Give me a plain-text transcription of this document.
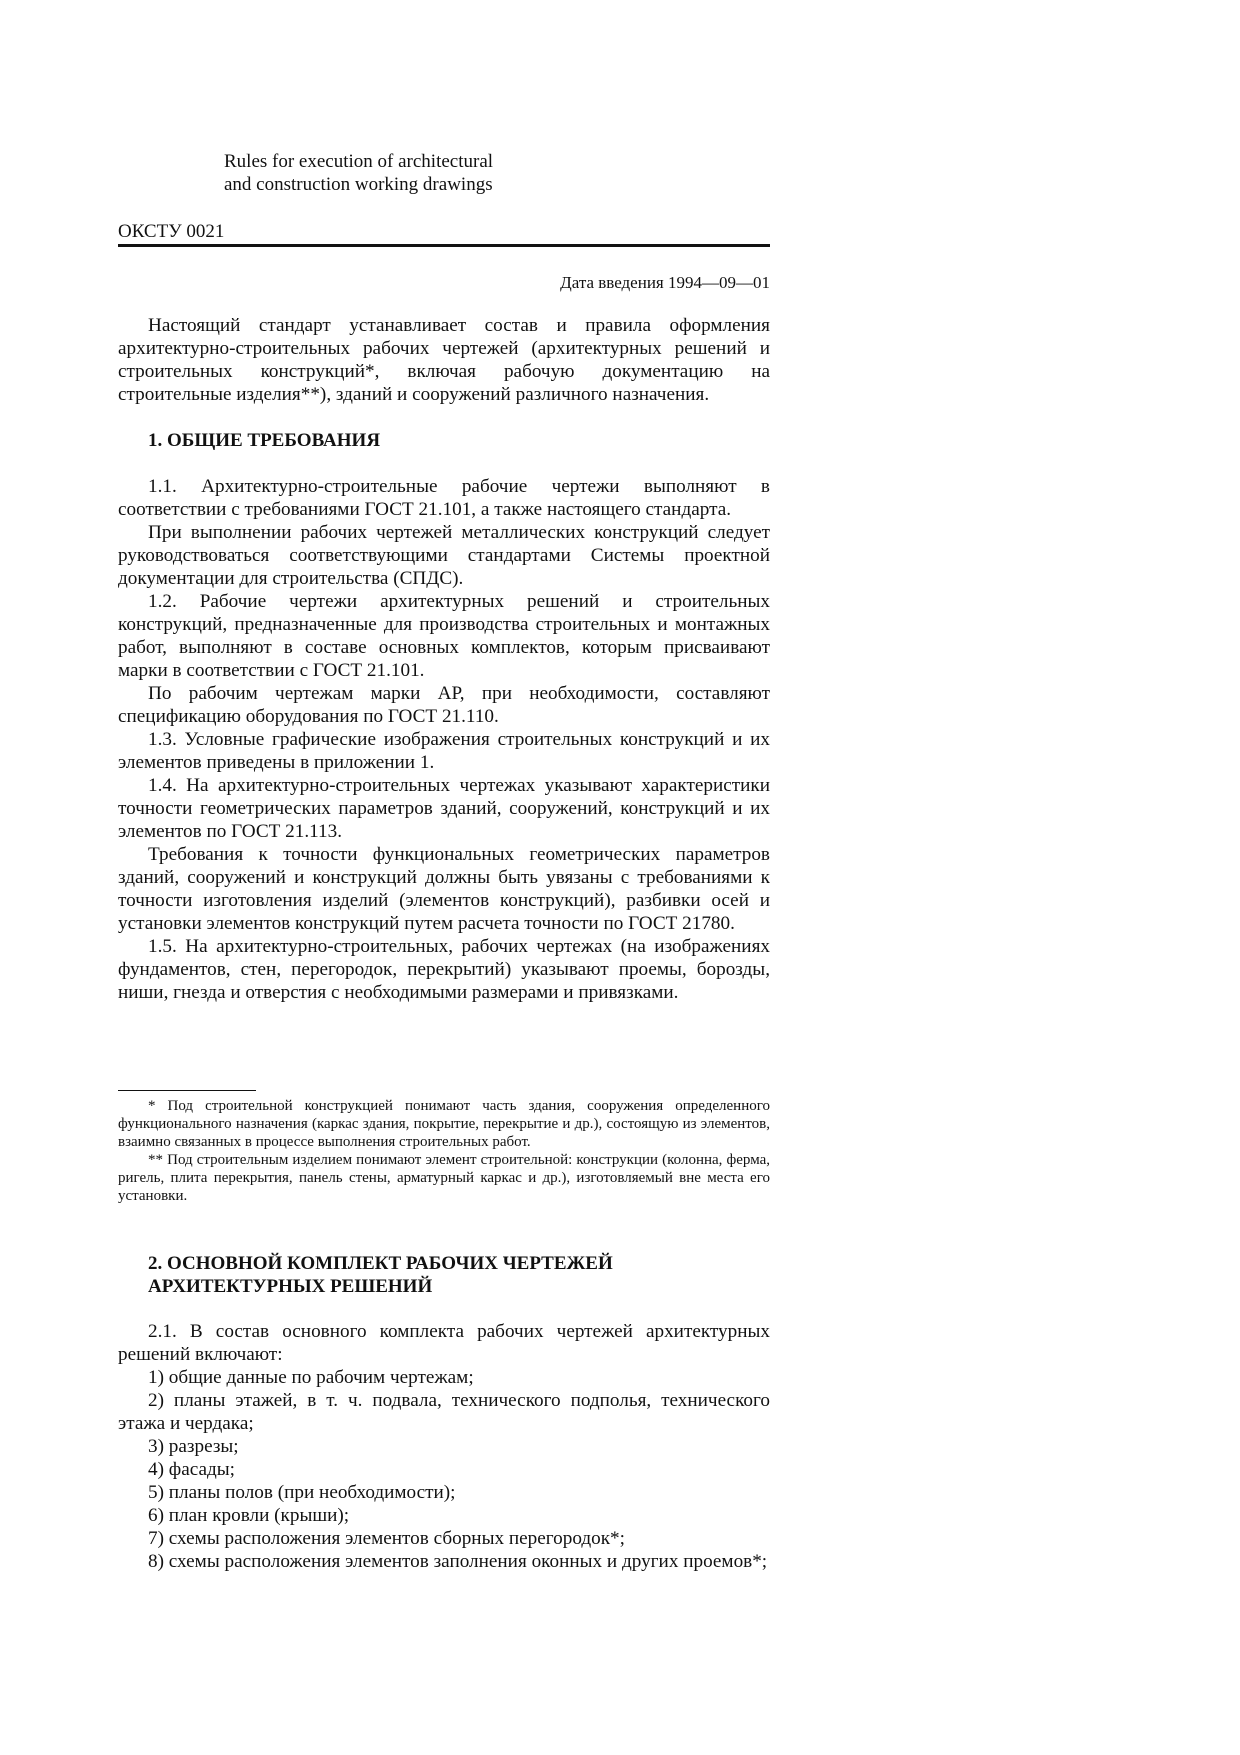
Rules for execution of architectural
and construction working drawings
ОКСТУ 0021
Дата введения 1994—09—01

Настоящий стандарт устанавливает состав и правила оформления архитектурно-строительных рабочих чертежей (архитектурных решений и строительных конструкций*, включая рабочую документацию на строительные изделия**), зданий и сооружений различного назначения.

1. ОБЩИЕ ТРЕБОВАНИЯ

1.1. Архитектурно-строительные рабочие чертежи выполняют в соответствии с требованиями ГОСТ 21.101, а также настоящего стандарта.

При выполнении рабочих чертежей металлических конструкций следует руководствоваться соответствующими стандартами Системы проектной документации для строительства (СПДС).

1.2. Рабочие чертежи архитектурных решений и строительных конструкций, предназначенные для производства строительных и монтажных работ, выполняют в составе основных комплектов, которым присваивают марки в соответствии с ГОСТ 21.101.

По рабочим чертежам марки АР, при необходимости, составляют спецификацию оборудования по ГОСТ 21.110.

1.3. Условные графические изображения строительных конструкций и их элементов приведены в приложении 1.

1.4. На архитектурно-строительных чертежах указывают характеристики точности геометрических параметров зданий, сооружений, конструкций и их элементов по ГОСТ 21.113.

Требования к точности функциональных геометрических параметров зданий, сооружений и конструкций должны быть увязаны с требованиями к точности изготовления изделий (элементов конструкций), разбивки осей и установки элементов конструкций путем расчета точности по ГОСТ 21780.

1.5. На архитектурно-строительных, рабочих чертежах (на изображениях фундаментов, стен, перегородок, перекрытий) указывают проемы, борозды, ниши, гнезда и отверстия с необходимыми размерами и привязками.

* Под строительной конструкцией понимают часть здания, сооружения определенного функционального назначения (каркас здания, покрытие, перекрытие и др.), состоящую из элементов, взаимно связанных в процессе выполнения строительных работ.

** Под строительным изделием понимают элемент строительной: конструкции (колонна, ферма, ригель, плита перекрытия, панель стены, арматурный каркас и др.), изготовляемый вне места его установки.

2. ОСНОВНОЙ КОМПЛЕКТ РАБОЧИХ ЧЕРТЕЖЕЙ

АРХИТЕКТУРНЫХ РЕШЕНИЙ

2.1. В состав основного комплекта рабочих чертежей архитектурных решений включают:

1) общие данные по рабочим чертежам;

2) планы этажей, в т. ч. подвала, технического подполья, технического этажа и чердака;

3) разрезы;

4) фасады;

5) планы полов (при необходимости);

6) план кровли (крыши);

7) схемы расположения элементов сборных перегородок*;

8) схемы расположения элементов заполнения оконных и других проемов*;
